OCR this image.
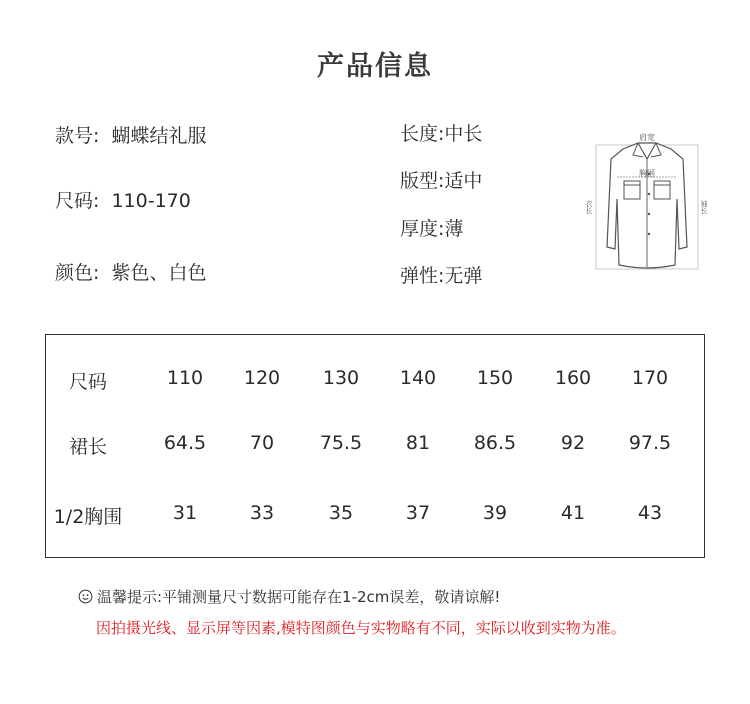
产品信息
款号: 蝴蝶结礼服
尺码: 110-170
颜色: 紫色、白色
长度:中长
版型:适中
厚度:薄
弹性:无弹
肩宽
胸围
衣长	袖长
尺码	110	120	130	140	150	160	170
裙长	64.5	70	75.5	81	86.5	92	97.5
1/2胸围	31	33	35	37	39	41	43
温馨提示:平铺测量尺寸数据可能存在1-2cm误差，敬请谅解!
因拍摄光线、显示屏等因素,模特图颜色与实物略有不同，实际以收到实物为准。
